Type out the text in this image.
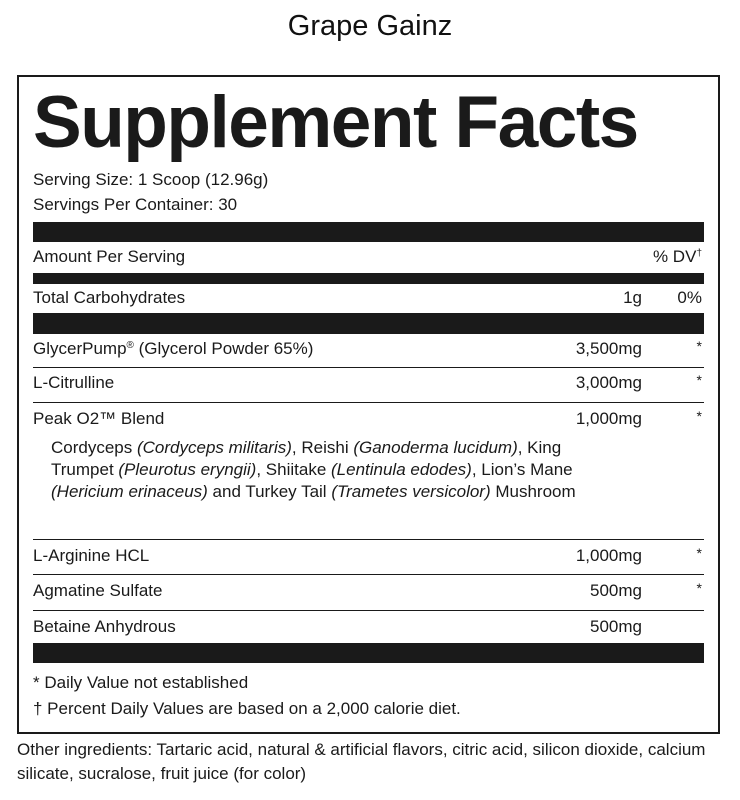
Grape Gainz
Supplement Facts
Serving Size: 1 Scoop (12.96g)
Servings Per Container: 30
Amount Per Serving	% DV†
Total Carbohydrates	1g 0%
GlycerPump® (Glycerol Powder 65%)	3,500mg	*
L-Citrulline	3,000mg	*
Peak O2™ Blend	1,000mg	*
Cordyceps (Cordyceps militaris), Reishi (Ganoderma lucidum), King Trumpet (Pleurotus eryngii), Shiitake (Lentinula edodes), Lion’s Mane (Hericium erinaceus) and Turkey Tail (Trametes versicolor) Mushroom
L-Arginine HCL	1,000mg	*
Agmatine Sulfate	500mg	*
Betaine Anhydrous	500mg
* Daily Value not established
† Percent Daily Values are based on a 2,000 calorie diet.
Other ingredients: Tartaric acid, natural & artificial flavors, citric acid, silicon dioxide, calcium silicate, sucralose, fruit juice (for color)
